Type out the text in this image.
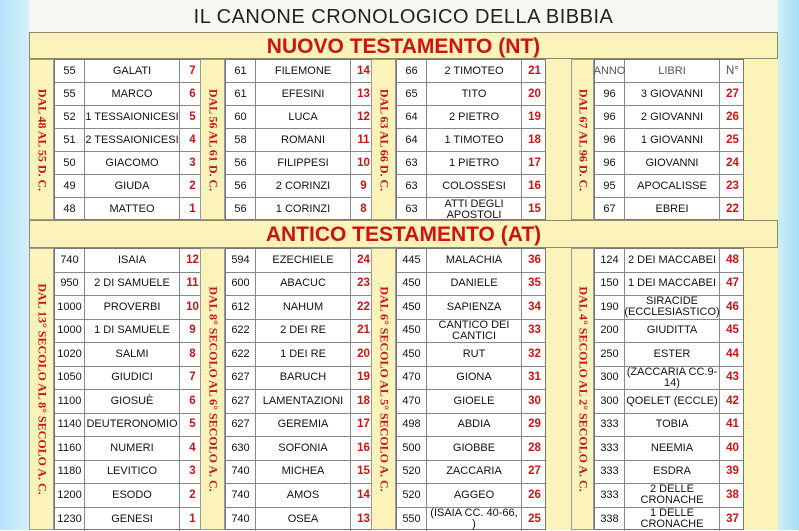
IL CANONE CRONOLOGICO DELLA BIBBIA
NUOVO TESTAMENTO (NT)
ANTICO TESTAMENTO (AT)
DAL 48 AL 55 D. C.
55	GALATI	7
55	MARCO	6
52 1 TESSAIONICESI 5
51 2 TESSAIONICESI 4
50	GIACOMO	3
49	GIUDA	2
48	MATTEO	1
DAL 56 AL 61 D. C.
61	FILEMONE	14
61	EFESINI	13
60	LUCA	12
58	ROMANI	11
56	FILIPPESI	10
56	2 CORINZI	9
56	1 CORINZI	8
DAL 63 AL 66 D. C.
66	2 TIMOTEO	21
65	TITO	20
64	2 PIETRO	19
64	1 TIMOTEO	18
63	1 PIETRO	17
63	COLOSSESI	16
63	ATTI DEGLI APOSTOLI	15
DAL 67 AL 96 D. C.
ANNO	LIBRI	N°
96	3 GIOVANNI	27
96	2 GIOVANNI	26
96	1 GIOVANNI	25
96	GIOVANNI	24
95	APOCALISSE	23
67	EBREI	22
DAL 13° SECOLO AL 8° SECOLO A. C.
740	ISAIA	12
950	2 DI SAMUELE	11
1000	PROVERBI	10
1000	1 DI SAMUELE	9
1020	SALMI	8
1050	GIUDICI	7
1100	GIOSUÈ	6
1140 DEUTERONOMIO	5
1160	NUMERI	4
1180	LEVITICO	3
1200	ESODO	2
1230	GENESI	1
DAL 8° SECOLO AL 6° SECOLO A. C.
594	EZECHIELE	24
600	ABACUC	23
612	NAHUM	22
622	2 DEI RE	21
622	1 DEI RE	20
627	BARUCH	19
627	LAMENTAZIONI	18
627	GEREMIA	17
630	SOFONIA	16
740	MICHEA	15
740	AMOS	14
740	OSEA	13
DAL 6° SECOLO AL 5° SECOLO A. C.
445	MALACHIA	36
450	DANIELE	35
450	SAPIENZA	34
450	CANTICO DEI CANTICI	33
450	RUT	32
470	GIONA	31
470	GIOELE	30
498	ABDIA	29
500	GIOBBE	28
520	ZACCARIA	27
520	AGGEO	26
550 (ISAIA CC. 40-66, )	25
DAL 4° SECOLO AL 2° SECOLO A. C.
124 2 DEI MACCABEI 48
150 1 DEI MACCABEI 47
190	SIRACIDE (ECCLESIASTICO) 46
200	GIUDITTA	45
250	ESTER	44
300 (ZACCARIA CC.9-14)	43
300 QOELET (ECCLE) 42
333	TOBIA	41
333	NEEMIA	40
333	ESDRA	39
333	2 DELLE CRONACHE	38
338	1 DELLE CRONACHE	37
